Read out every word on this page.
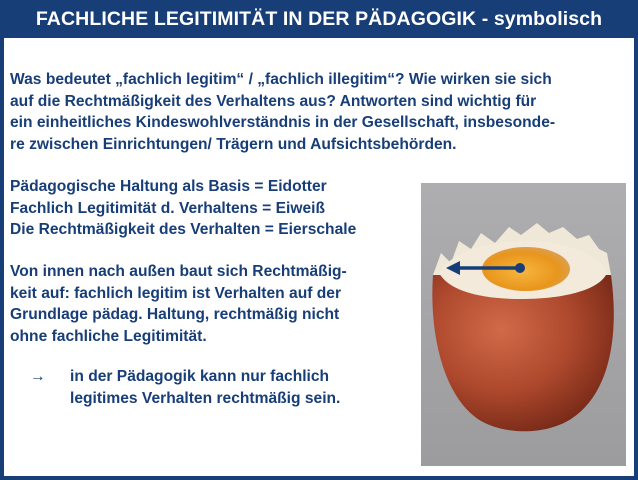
FACHLICHE LEGITIMITÄT IN DER PÄDAGOGIK - symbolisch
Was bedeutet „fachlich legitim“ / „fachlich illegitim“? Wie wirken sie sich
auf die Rechtmäßigkeit des Verhaltens aus? Antworten sind wichtig für
ein einheitliches Kindeswohlverständnis in der Gesellschaft, insbesonde-
re zwischen Einrichtungen/ Trägern und Aufsichtsbehörden.
Pädagogische Haltung als Basis = Eidotter
Fachlich Legitimität d. Verhaltens = Eiweiß
Die Rechtmäßigkeit des Verhalten = Eierschale
Von innen nach außen baut sich Rechtmäßig-
keit auf: fachlich legitim ist Verhalten auf der
Grundlage pädag. Haltung, rechtmäßig nicht
ohne fachliche Legitimität.
→ in der Pädagogik kann nur fachlich
legitimes Verhalten rechtmäßig sein.
